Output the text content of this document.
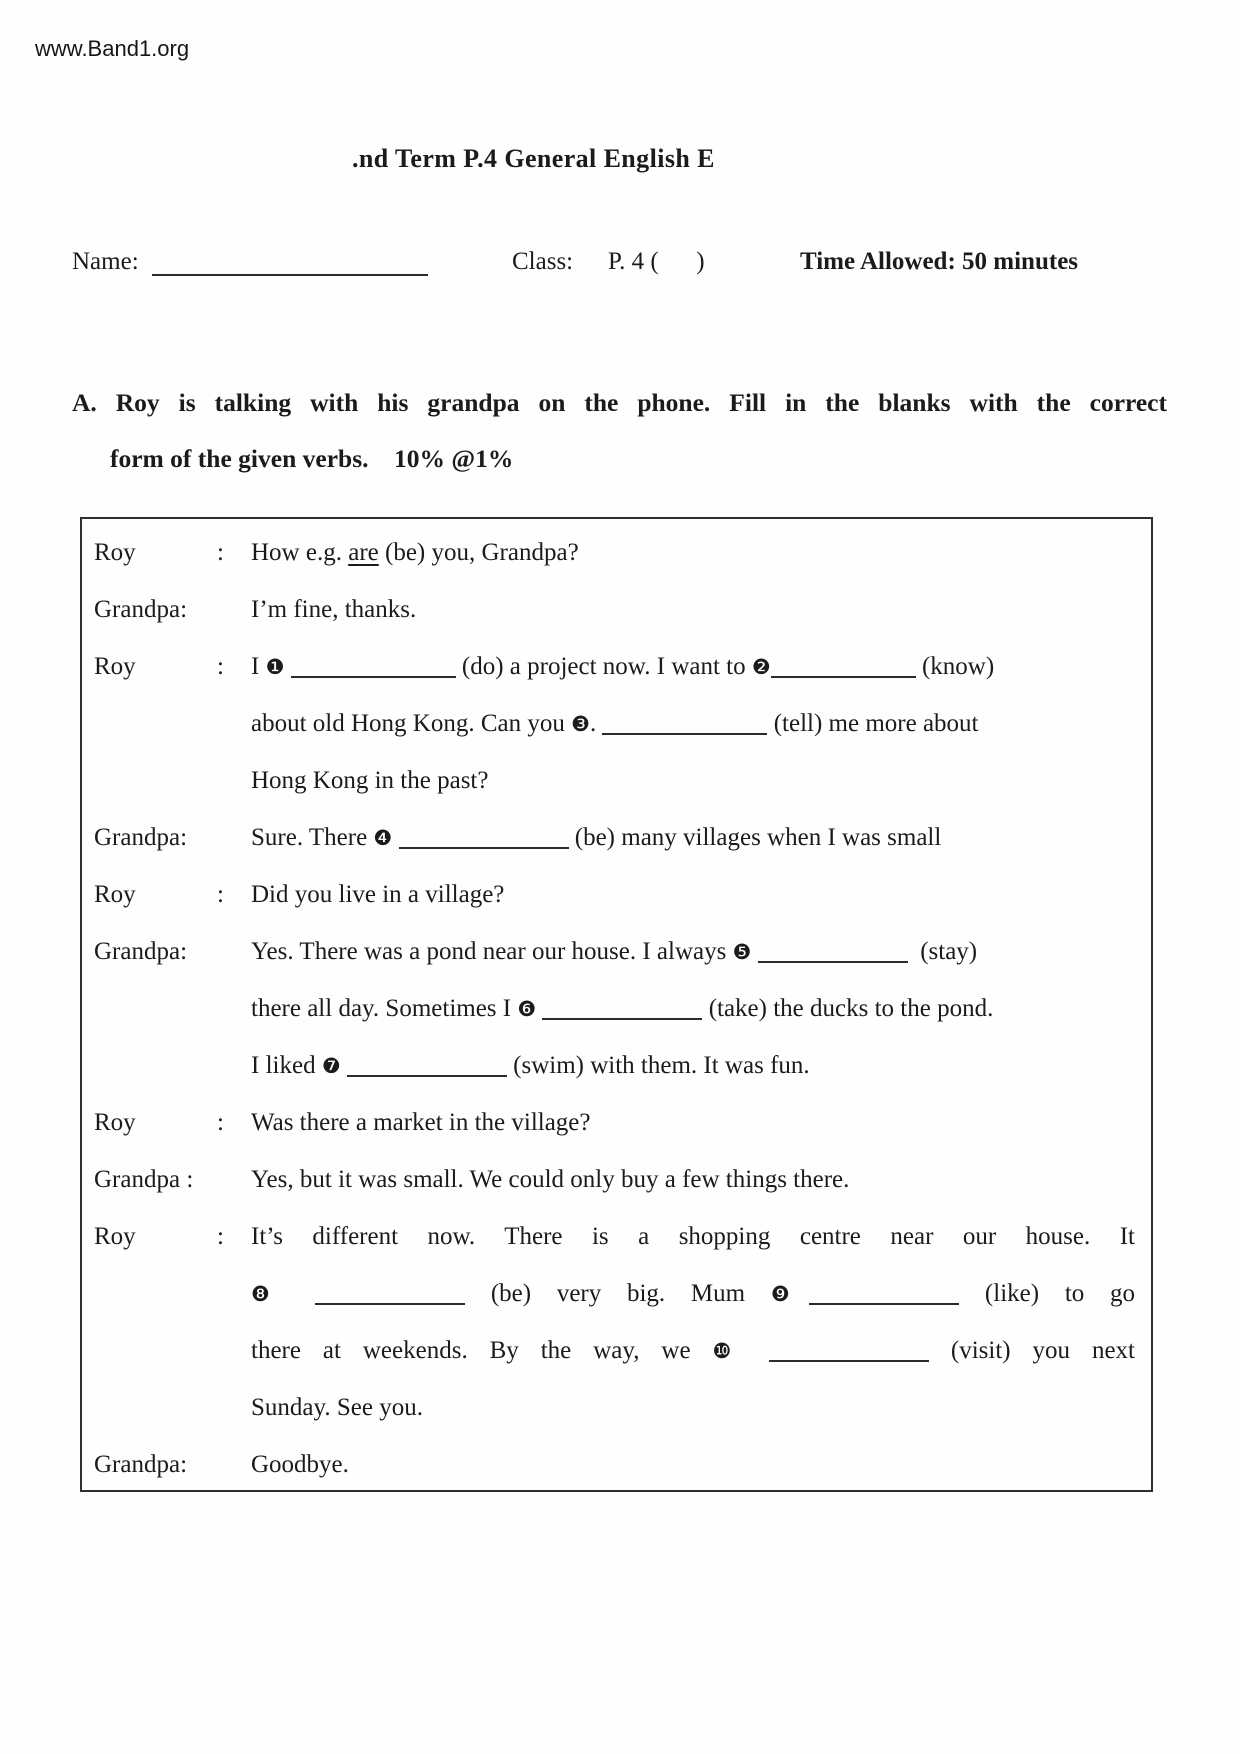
www.Band1.org
.nd Term P.4 General English E
Name:	Class: P. 4 (      )	Time Allowed: 50 minutes
A. Roy is talking with his grandpa on the phone. Fill in the blanks with the correct
form of the given verbs.    10% @1%
Roy	:	How e.g. are (be) you, Grandpa?
Grandpa:	I’m fine, thanks.
Roy	:	I ❶	(do) a project now. I want to ❷	(know)
about old Hong Kong. Can you ❸.	(tell) me more about
Hong Kong in the past?
Grandpa:	Sure. There ❹	(be) many villages when I was small
Roy	:	Did you live in a village?
Grandpa:	Yes. There was a pond near our house. I always ❺	(stay)
there all day. Sometimes I ❻	(take) the ducks to the pond.
I liked ❼	(swim) with them. It was fun.
Roy	:	Was there a market in the village?
Grandpa :	Yes, but it was small. We could only buy a few things there.
Roy	:	It’s different now. There is a shopping centre near our house. It
❽	(be) very big. Mum ❾	(like) to go
there at weekends. By the way, we ❿	(visit) you next
Sunday. See you.
Grandpa:	Goodbye.
